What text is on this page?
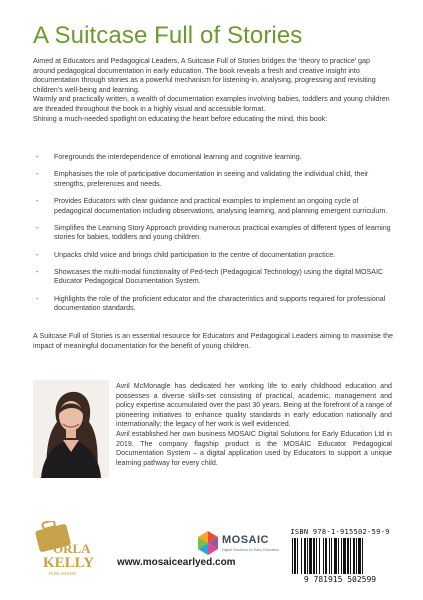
A Suitcase Full of Stories

Aimed at Educators and Pedagogical Leaders, A Suitcase Full of Stories bridges the ‘theory to practice’ gap around pedagogical documentation in early education. The book reveals a fresh and creative insight into documentation through stories as a powerful mechanism for listening-in, analysing, progressing and revisiting children’s well-being and learning.

Warmly and practically written, a wealth of documentation examples involving babies, toddlers and young children are threaded throughout the book in a highly visual and accessible format.

Shining a much-needed spotlight on educating the heart before educating the mind, this book:

- Foregrounds the interdependence of emotional learning and cognitive learning.
- Emphasises the role of participative documentation in seeing and validating the individual child, their strengths, preferences and needs.
- Provides Educators with clear guidance and practical examples to implement an ongoing cycle of pedagogical documentation including observations, analysing learning, and planning emergent curriculum.
- Simplifies the Learning Story Approach providing numerous practical examples of different types of learning stories for babies, toddlers and young children.
- Unpacks child voice and brings child participation to the centre of documentation practice.
- Showcases the multi-modal functionality of Ped-tech (Pedagogical Technology) using the digital MOSAIC Educator Pedagogical Documentation System.
- Highlights the role of the proficient educator and the characteristics and supports required for professional documentation standards.
A Suitcase Full of Stories is an essential resource for Educators and Pedagogical Leaders aiming to maximise the impact of meaningful documentation for the benefit of young children.

Avril McMonagle has dedicated her working life to early childhood education and possesses a diverse skills-set consisting of practical, academic, management and policy expertise accumulated over the past 30 years. Being at the forefront of a range of pioneering initiatives to enhance quality standards in early education nationally and internationally; the legacy of her work is well evidenced.

Avril established her own business MOSAIC Digital Solutions for Early Education Ltd in 2019. The company flagship product is the MOSAIC Educator Pedagogical Documentation System – a digital application used by Educators to support a unique learning pathway for every child.

ORLA
KELLY
PUBLISHING
MOSAIC
Digital Solutions for Early Education
www.mosaicearlyed.com
ISBN 978-1-915502-59-9
9 781915 502599
